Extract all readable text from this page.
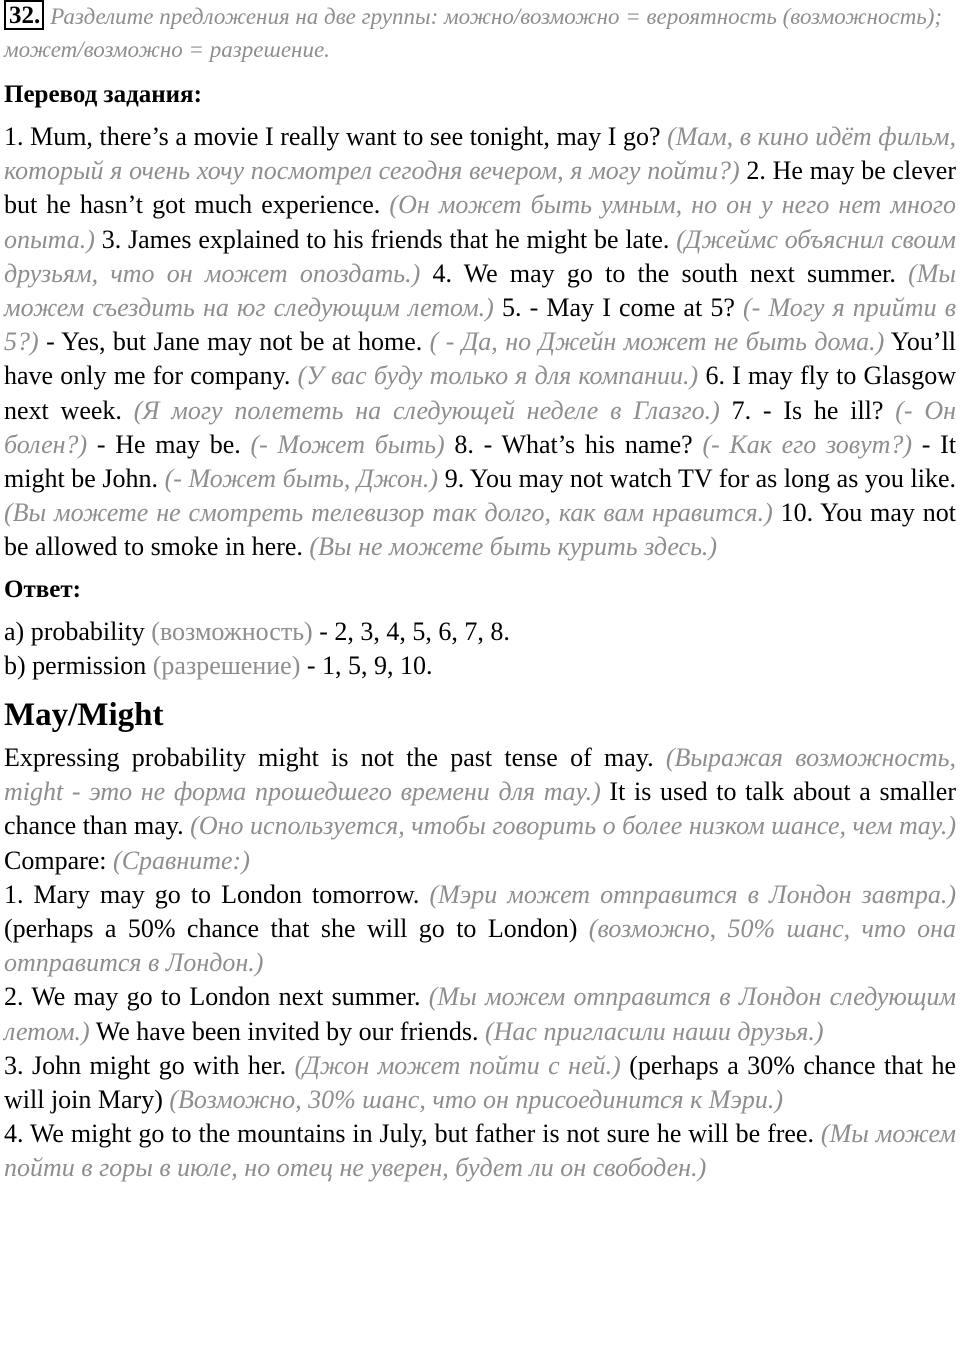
32. Разделите предложения на две группы: можно/возможно = вероятность (возможность); может/возможно = разрешение.

Перевод задания:

1. Mum, there’s a movie I really want to see tonight, may I go? (Мам, в кино идёт фильм, который я очень хочу посмотрел сегодня вечером, я могу пойти?) 2. He may be clever but he hasn’t got much experience. (Он может быть умным, но он у него нет много опыта.) 3. James explained to his friends that he might be late. (Джеймс объяснил своим друзьям, что он может опоздать.) 4. We may go to the south next summer. (Мы можем съездить на юг следующим летом.) 5. - May I come at 5? (- Могу я прийти в 5?) - Yes, but Jane may not be at home. ( - Да, но Джейн может не быть дома.) You’ll have only me for company. (У вас буду только я для компании.) 6. I may fly to Glasgow next week. (Я могу полететь на следующей неделе в Глазго.) 7. - Is he ill? (- Он болен?) - He may be. (- Может быть) 8. - What’s his name? (- Как его зовут?) - It might be John. (- Может быть, Джон.) 9. You may not watch TV for as long as you like. (Вы можете не смотреть телевизор так долго, как вам нравится.) 10. You may not be allowed to smoke in here. (Вы не можете быть курить здесь.)

Ответ:

a) probability (возможность) - 2, 3, 4, 5, 6, 7, 8.

b) permission (разрешение) - 1, 5, 9, 10.

May/Might

Expressing probability might is not the past tense of may. (Выражая возможность, might - это не форма прошедшего времени для may.) It is used to talk about a smaller chance than may. (Оно используется, чтобы говорить о более низком шансе, чем may.) Compare: (Сравните:)

1. Mary may go to London tomorrow. (Мэри может отправится в Лондон завтра.) (perhaps a 50% chance that she will go to London) (возможно, 50% шанс, что она отправится в Лондон.)

2. We may go to London next summer. (Мы можем отправится в Лондон следующим летом.) We have been invited by our friends. (Нас пригласили наши друзья.)

3. John might go with her. (Джон может пойти с ней.) (perhaps a 30% chance that he will join Mary) (Возможно, 30% шанс, что он присоединится к Мэри.)

4. We might go to the mountains in July, but father is not sure he will be free. (Мы можем пойти в горы в июле, но отец не уверен, будет ли он свободен.)
